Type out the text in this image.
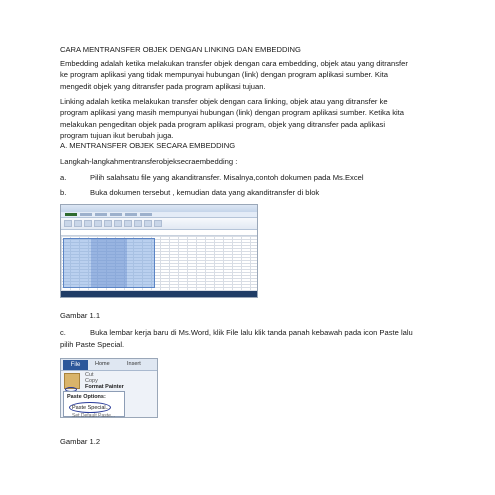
CARA MENTRANSFER OBJEK DENGAN LINKING DAN EMBEDDING
Embedding adalah ketika melakukan transfer objek dengan cara embedding, objek atau yang ditransfer
ke program aplikasi yang tidak mempunyai hubungan (link) dengan program aplikasi sumber. Kita
mengedit objek yang ditransfer pada program aplikasi tujuan.
Linking adalah ketika melakukan transfer objek dengan cara linking, objek atau yang ditransfer ke
program aplikasi yang masih mempunyai hubungan (link) dengan program aplikasi sumber. Ketika kita
melakukan pengeditan objek pada program aplikasi program, objek yang ditransfer pada aplikasi
program tujuan ikut berubah juga.
A. MENTRANSFER OBJEK SECARA EMBEDDING
Langkah-langkahmentransferobjeksecraembedding :
a.	Pilih salahsatu file yang akanditransfer. Misalnya,contoh dokumen pada Ms.Excel
b.	Buka dokumen tersebut , kemudian data yang akanditransfer di blok
Gambar 1.1
c.	Buka lembar kerja baru di Ms.Word, klik File lalu klik tanda panah kebawah pada icon Paste lalu
pilih Paste Special.
File	Home	Insert
Cut
Copy
Format Painter
Paste Options:
Paste Special...
Set Default Paste...
Gambar 1.2
